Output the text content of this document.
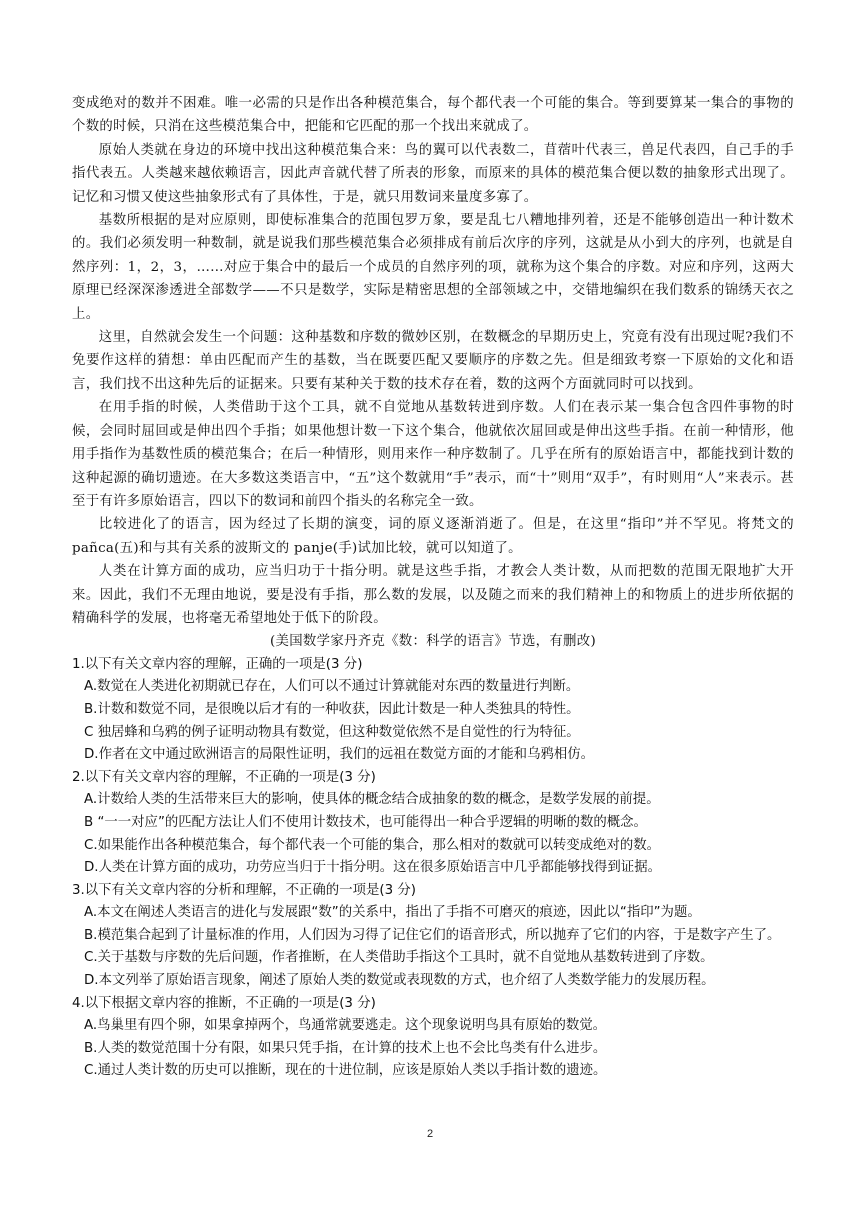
变成绝对的数并不困难。唯一必需的只是作出各种模范集合，每个都代表一个可能的集合。等到要算某一集合的事物的个数的时候，只消在这些模范集合中，把能和它匹配的那一个找出来就成了。

原始人类就在身边的环境中找出这种模范集合来：鸟的翼可以代表数二，苜蓿叶代表三，兽足代表四，自己手的手指代表五。人类越来越依赖语言，因此声音就代替了所表的形象，而原来的具体的模范集合便以数的抽象形式出现了。记忆和习惯又使这些抽象形式有了具体性，于是，就只用数词来量度多寡了。

基数所根据的是对应原则，即使标准集合的范围包罗万象，要是乱七八糟地排列着，还是不能够创造出一种计数术的。我们必须发明一种数制，就是说我们那些模范集合必须排成有前后次序的序列，这就是从小到大的序列，也就是自然序列：1，2，3，……对应于集合中的最后一个成员的自然序列的项，就称为这个集合的序数。对应和序列，这两大原理已经深深渗透进全部数学——不只是数学，实际是精密思想的全部领域之中，交错地编织在我们数系的锦绣天衣之上。

这里，自然就会发生一个问题：这种基数和序数的微妙区别，在数概念的早期历史上，究竟有没有出现过呢?我们不免要作这样的猜想：单由匹配而产生的基数，当在既要匹配又要顺序的序数之先。但是细致考察一下原始的文化和语言，我们找不出这种先后的证据来。只要有某种关于数的技术存在着，数的这两个方面就同时可以找到。

在用手指的时候，人类借助于这个工具，就不自觉地从基数转进到序数。人们在表示某一集合包含四件事物的时候，会同时屈回或是伸出四个手指；如果他想计数一下这个集合，他就依次屈回或是伸出这些手指。在前一种情形，他用手指作为基数性质的模范集合；在后一种情形，则用来作一种序数制了。几乎在所有的原始语言中，都能找到计数的这种起源的确切遗迹。在大多数这类语言中，“五”这个数就用“手”表示，而“十”则用“双手”，有时则用“人”来表示。甚至于有许多原始语言，四以下的数词和前四个指头的名称完全一致。

比较进化了的语言，因为经过了长期的演变，词的原义逐渐消逝了。但是，在这里“指印”并不罕见。将梵文的 pañca(五)和与其有关系的波斯文的 panje(手)试加比较，就可以知道了。

人类在计算方面的成功，应当归功于十指分明。就是这些手指，才教会人类计数，从而把数的范围无限地扩大开来。因此，我们不无理由地说，要是没有手指，那么数的发展，以及随之而来的我们精神上的和物质上的进步所依据的精确科学的发展，也将毫无希望地处于低下的阶段。

(美国数学家丹齐克《数：科学的语言》节选，有删改)

1.以下有关文章内容的理解，正确的一项是(3 分)

A.数觉在人类进化初期就已存在，人们可以不通过计算就能对东西的数量进行判断。

B.计数和数觉不同，是很晚以后才有的一种收获，因此计数是一种人类独具的特性。

C 独居蜂和乌鸦的例子证明动物具有数觉，但这种数觉依然不是自觉性的行为特征。

D.作者在文中通过欧洲语言的局限性证明，我们的远祖在数觉方面的才能和乌鸦相仿。

2.以下有关文章内容的理解，不正确的一项是(3 分)

A.计数给人类的生活带来巨大的影响，使具体的概念结合成抽象的数的概念，是数学发展的前提。

B “一一对应”的匹配方法让人们不使用计数技术，也可能得出一种合乎逻辑的明晰的数的概念。

C.如果能作出各种模范集合，每个都代表一个可能的集合，那么相对的数就可以转变成绝对的数。

D.人类在计算方面的成功，功劳应当归于十指分明。这在很多原始语言中几乎都能够找得到证据。

3.以下有关文章内容的分析和理解，不正确的一项是(3 分)

A.本文在阐述人类语言的进化与发展跟“数”的关系中，指出了手指不可磨灭的痕迹，因此以“指印”为题。

B.模范集合起到了计量标准的作用，人们因为习得了记住它们的语音形式，所以抛弃了它们的内容，于是数字产生了。

C.关于基数与序数的先后问题，作者推断，在人类借助手指这个工具时，就不自觉地从基数转进到了序数。

D.本文列举了原始语言现象，阐述了原始人类的数觉或表现数的方式，也介绍了人类数学能力的发展历程。

4.以下根据文章内容的推断，不正确的一项是(3 分)

A.鸟巢里有四个卵，如果拿掉两个，鸟通常就要逃走。这个现象说明鸟具有原始的数觉。

B.人类的数觉范围十分有限，如果只凭手指，在计算的技术上也不会比鸟类有什么进步。

C.通过人类计数的历史可以推断，现在的十进位制，应该是原始人类以手指计数的遗迹。

2
